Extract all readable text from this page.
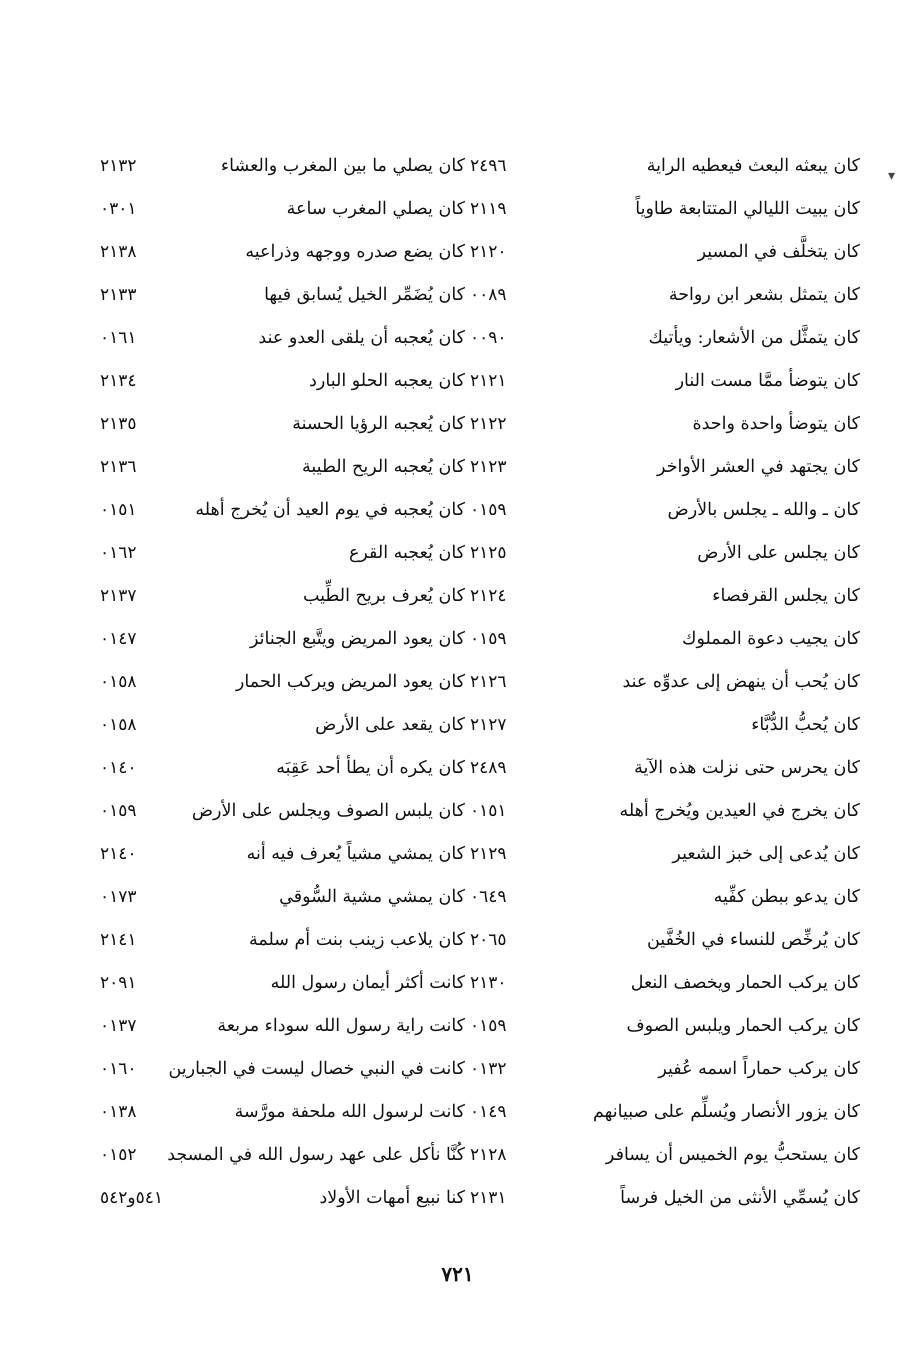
▾
كان يبعثه البعث فيعطيه الراية
٢٤٩٦
كان يبيت الليالي المتتابعة طاوياً
٢١١٩
كان يتخلَّف في المسير
٢١٢٠
كان يتمثل بشعر ابن رواحة
٠٠٨٩
كان يتمثَّل من الأشعار: ويأتيك
٠٠٩٠
كان يتوضأ ممَّا مست النار
٢١٢١
كان يتوضأ واحدة واحدة
٢١٢٢
كان يجتهد في العشر الأواخر
٢١٢٣
كان ـ والله ـ يجلس بالأرض
٠١٥٩
كان يجلس على الأرض
٢١٢٥
كان يجلس القرفصاء
٢١٢٤
كان يجيب دعوة المملوك
٠١٥٩
كان يُحب أن ينهض إلى عدوِّه عند
٢١٢٦
كان يُحبُّ الدُّبَّاء
٢١٢٧
كان يحرس حتى نزلت هذه الآية
٢٤٨٩
كان يخرج في العيدين ويُخرج أهله
٠١٥١
كان يُدعى إلى خبز الشعير
٢١٢٩
كان يدعو ببطن كفِّيه
٠٦٤٩
كان يُرخِّص للنساء في الخُفَّين
٢٠٦٥
كان يركب الحمار ويخصف النعل
٢١٣٠
كان يركب الحمار ويلبس الصوف
٠١٥٩
كان يركب حماراً اسمه عُفير
٠١٣٢
كان يزور الأنصار ويُسلِّم على صبيانهم
٠١٤٩
كان يستحبُّ يوم الخميس أن يسافر
٢١٢٨
كان يُسمِّي الأنثى من الخيل فرساً
٢١٣١
كان يصلي ما بين المغرب والعشاء
٢١٣٢
كان يصلي المغرب ساعة
٠٣٠١
كان يضع صدره ووجهه وذراعيه
٢١٣٨
كان يُضَمِّر الخيل يُسابق فيها
٢١٣٣
كان يُعجبه أن يلقى العدو عند
٠١٦١
كان يعجبه الحلو البارد
٢١٣٤
كان يُعجبه الرؤيا الحسنة
٢١٣٥
كان يُعجبه الريح الطيبة
٢١٣٦
كان يُعجبه في يوم العيد أن يُخرج أهله
٠١٥١
كان يُعجبه القرع
٠١٦٢
كان يُعرف بريح الطِّيب
٢١٣٧
كان يعود المريض ويتَّبع الجنائز
٠١٤٧
كان يعود المريض ويركب الحمار
٠١٥٨
كان يقعد على الأرض
٠١٥٨
كان يكره أن يطأ أحد عَقِبَه
٠١٤٠
كان يلبس الصوف ويجلس على الأرض
٠١٥٩
كان يمشي مشياً يُعرف فيه أنه
٢١٤٠
كان يمشي مشية السُّوقي
٠١٧٣
كان يلاعب زينب بنت أم سلمة
٢١٤١
كانت أكثر أيمان رسول الله
٢٠٩١
كانت راية رسول الله سوداء مربعة
٠١٣٧
كانت في النبي خصال ليست في الجبارين
٠١٦٠
كانت لرسول الله ملحفة مورَّسة
٠١٣٨
كُنَّا نأكل على عهد رسول الله في المسجد
٠١٥٢
كنا نبيع أمهات الأولاد
٥٤١و٥٤٢
٧٢١
